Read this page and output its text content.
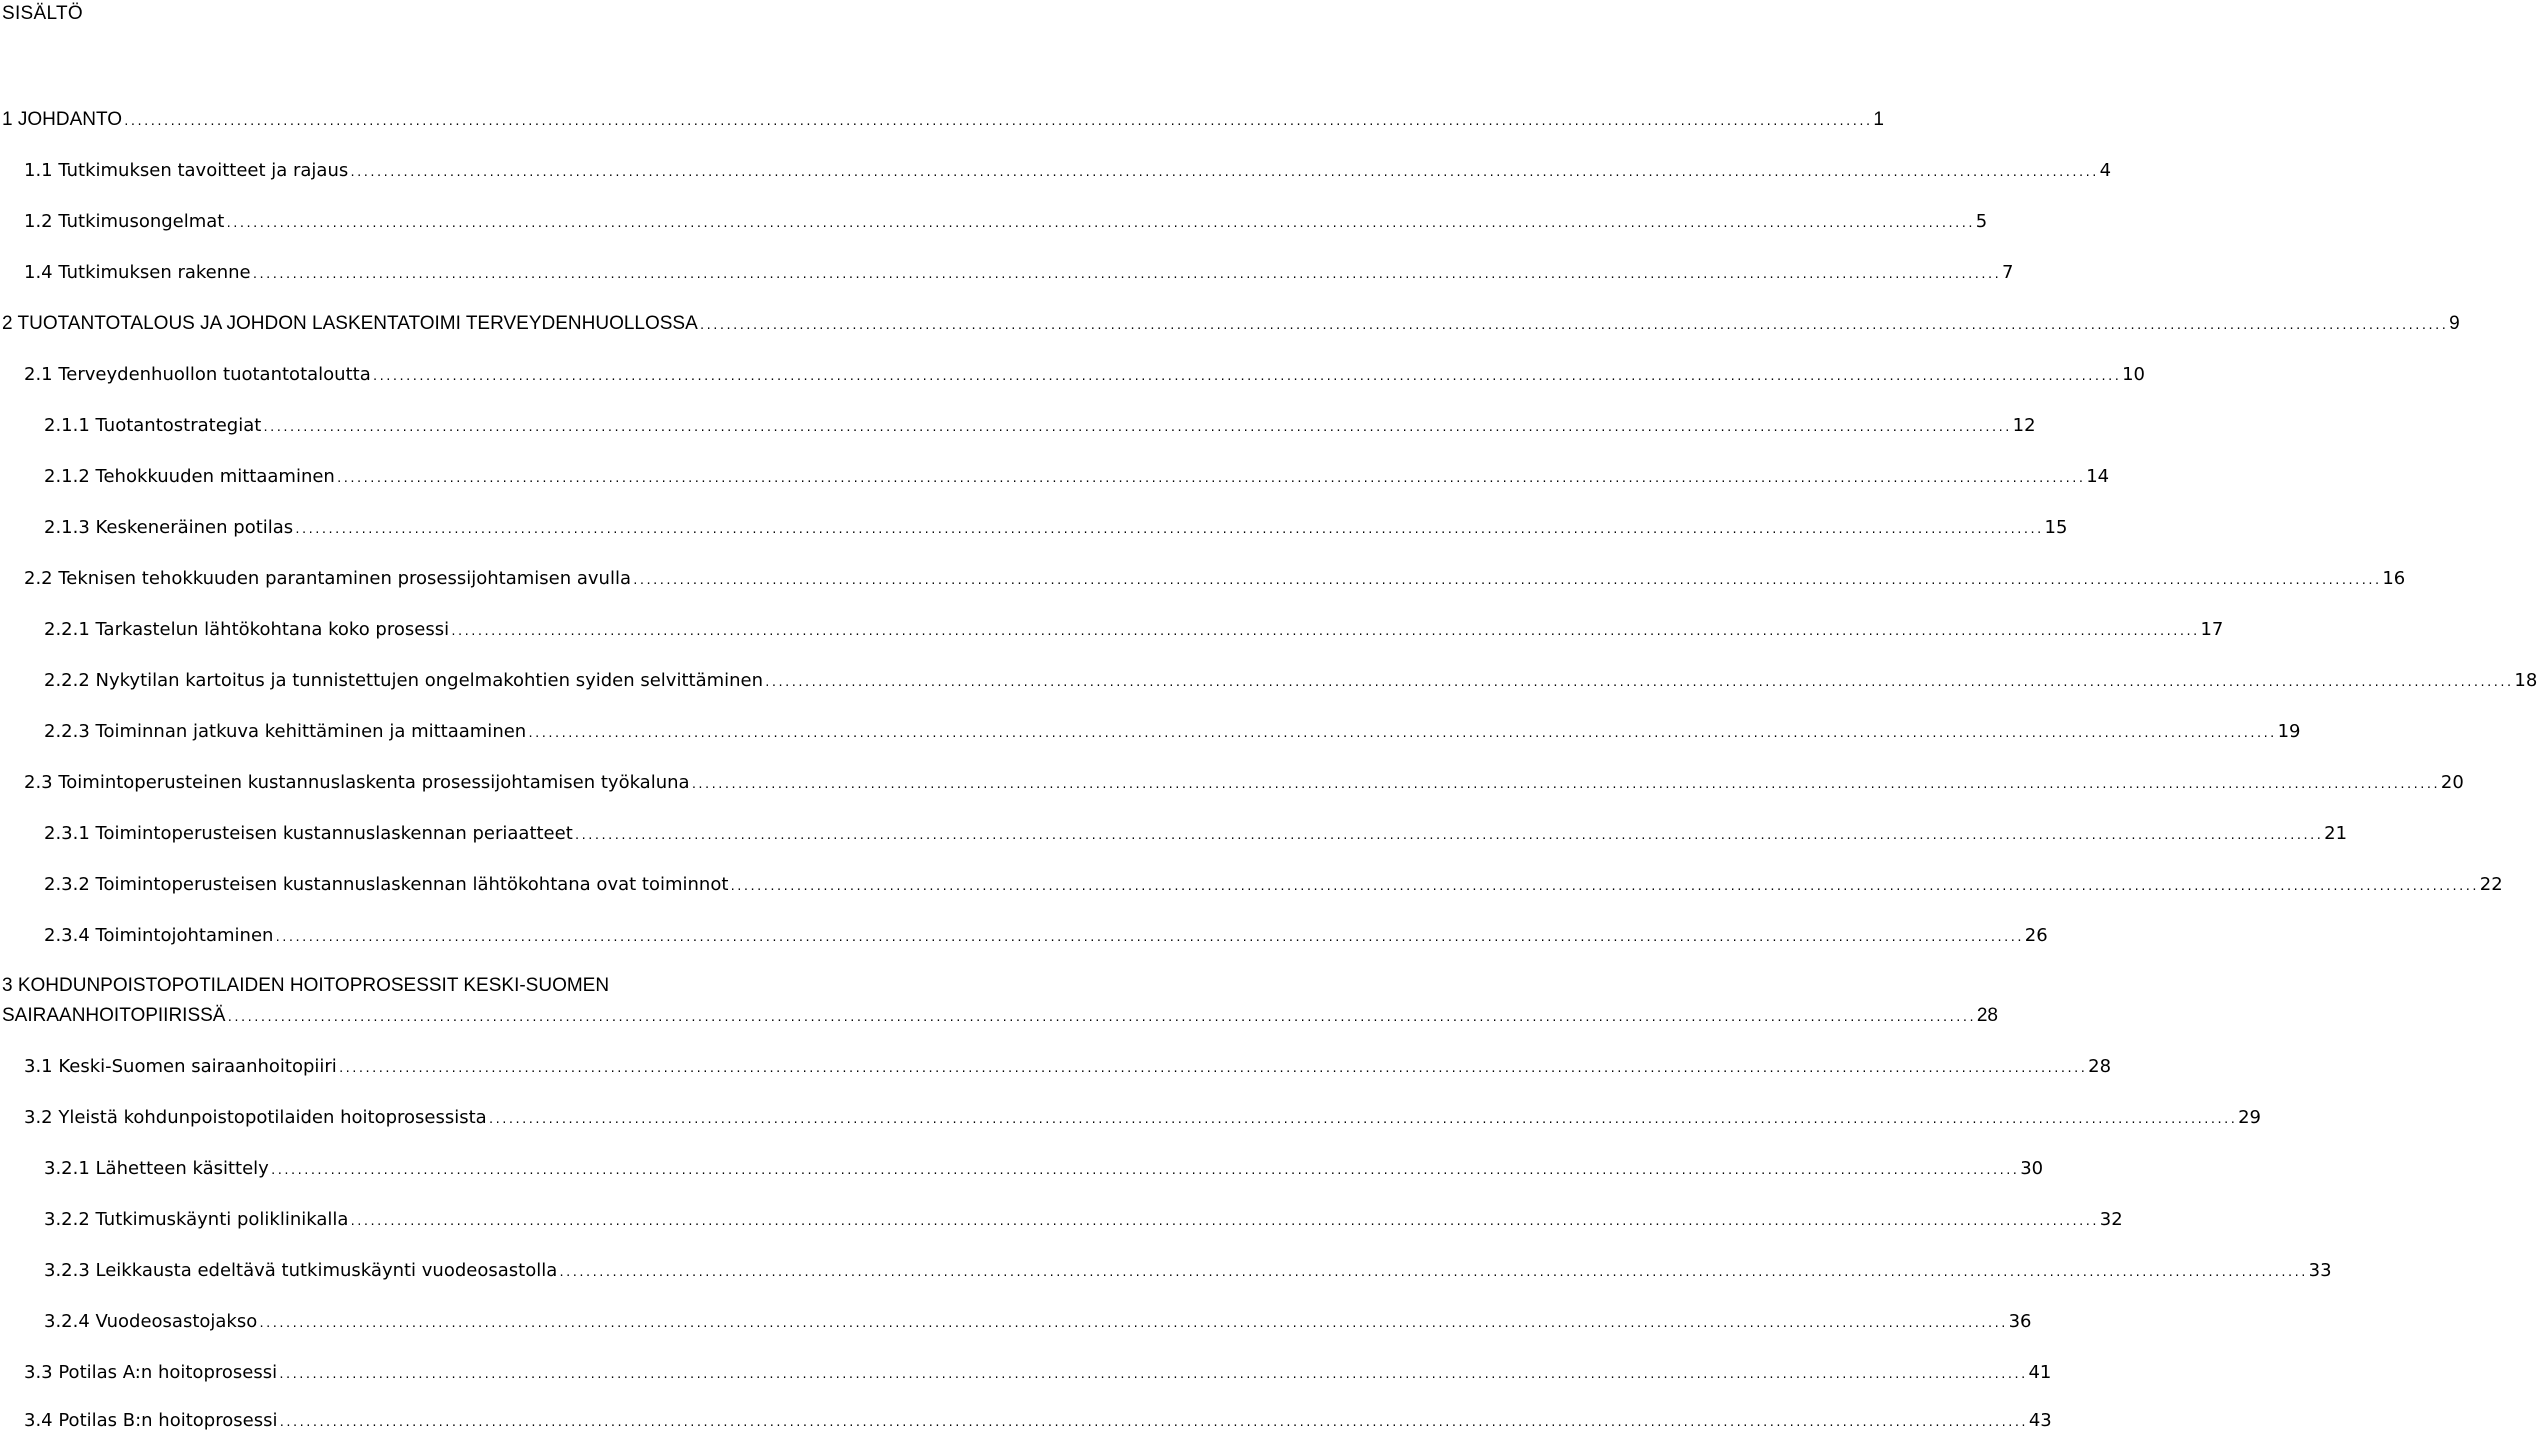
SISÄLTÖ
1 JOHDANTO .....	1
1.1 Tutkimuksen tavoitteet ja rajaus .....	4
1.2 Tutkimusongelmat .....	5
1.4 Tutkimuksen rakenne .....	7
2 TUOTANTOTALOUS JA JOHDON LASKENTATOIMI TERVEYDENHUOLLOSSA .....	9
2.1 Terveydenhuollon tuotantotaloutta .....	10
2.1.1 Tuotantostrategiat .....	12
2.1.2 Tehokkuuden mittaaminen .....	14
2.1.3 Keskeneräinen potilas .....	15
2.2 Teknisen tehokkuuden parantaminen prosessijohtamisen avulla .....	16
2.2.1 Tarkastelun lähtökohtana koko prosessi .....	17
2.2.2 Nykytilan kartoitus ja tunnistettujen ongelmakohtien syiden selvittäminen .....	18
2.2.3 Toiminnan jatkuva kehittäminen ja mittaaminen .....	19
2.3 Toimintoperusteinen kustannuslaskenta prosessijohtamisen työkaluna .....	20
2.3.1 Toimintoperusteisen kustannuslaskennan periaatteet .....	21
2.3.2 Toimintoperusteisen kustannuslaskennan lähtökohtana ovat toiminnot .....	22
2.3.4 Toimintojohtaminen .....	26
3 KOHDUNPOISTOPOTILAIDEN HOITOPROSESSIT KESKI-SUOMEN
SAIRAANHOITOPIIRISSÄ .....	28
3.1 Keski-Suomen sairaanhoitopiiri .....	28
3.2 Yleistä kohdunpoistopotilaiden hoitoprosessista .....	29
3.2.1 Lähetteen käsittely .....	30
3.2.2 Tutkimuskäynti poliklinikalla .....	32
3.2.3 Leikkausta edeltävä tutkimuskäynti vuodeosastolla .....	33
3.2.4 Vuodeosastojakso .....	36
3.3 Potilas A:n hoitoprosessi .....	41
3.4 Potilas B:n hoitoprosessi .....	43
